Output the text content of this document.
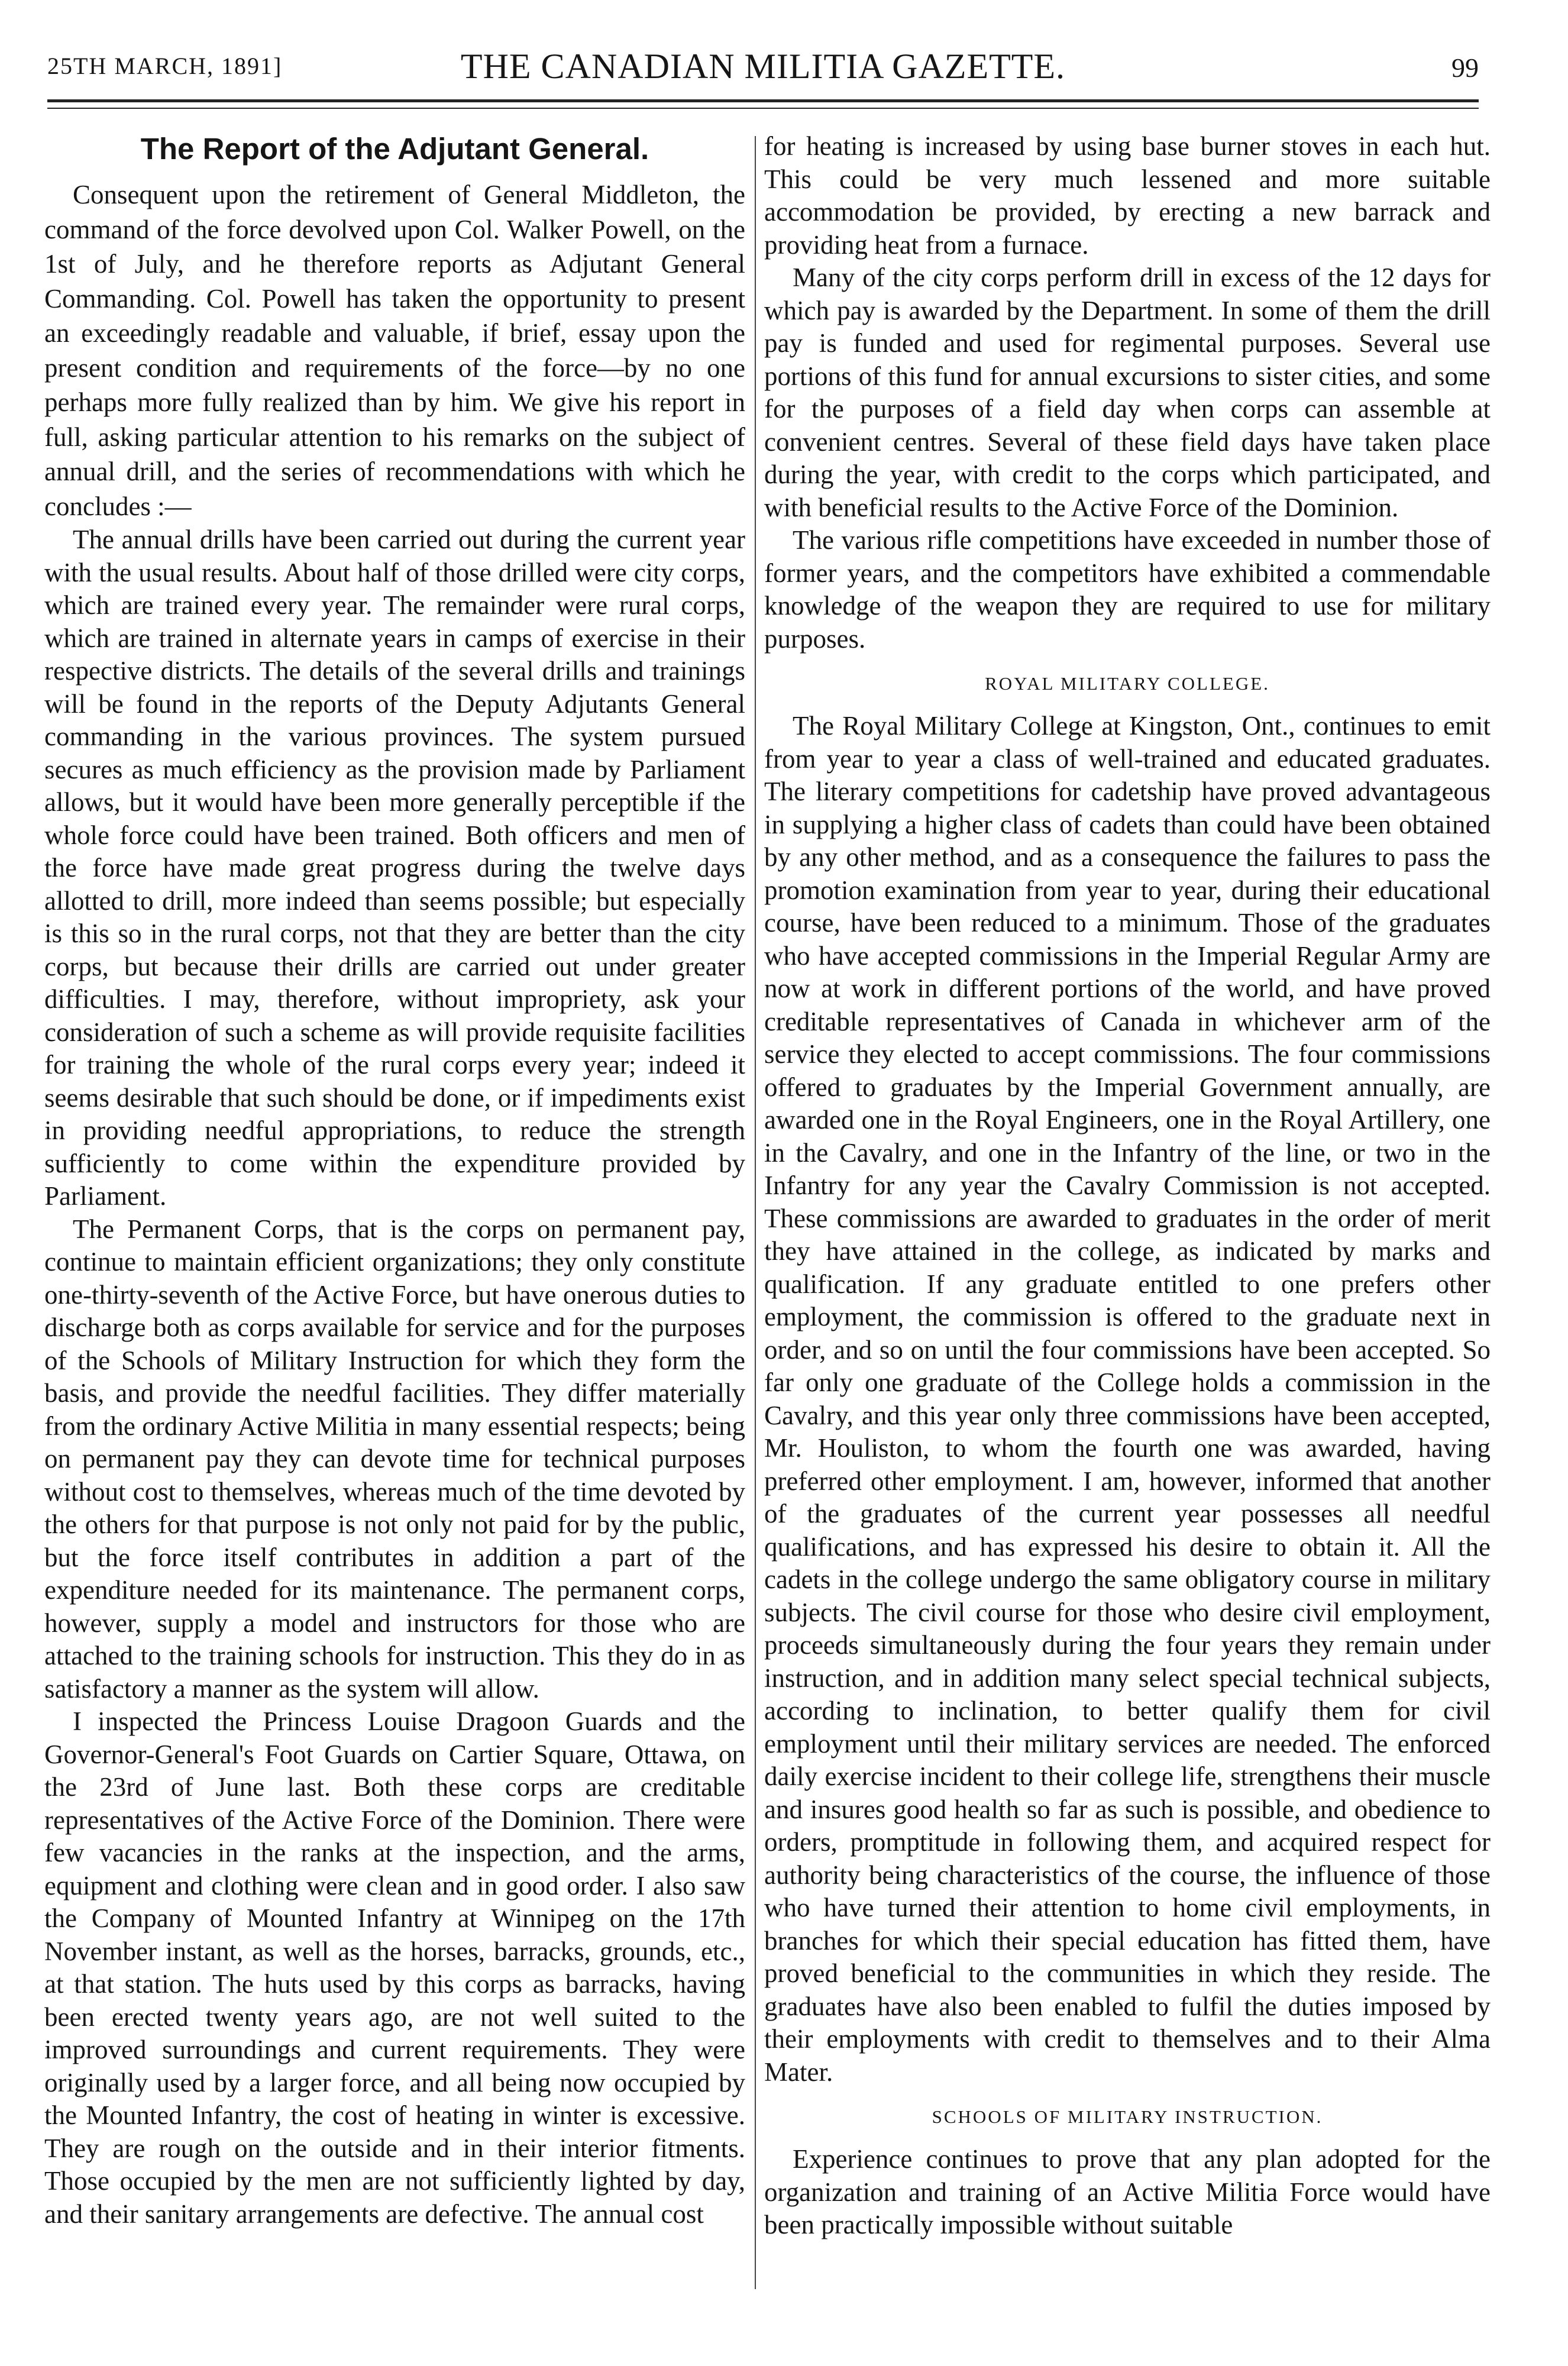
25TH MARCH, 1891]	THE CANADIAN MILITIA GAZETTE.	99
The Report of the Adjutant General.

Consequent upon the retirement of General Middleton, the command of the force devolved upon Col. Walker Powell, on the 1st of July, and he therefore reports as Adjutant General Commanding. Col. Powell has taken the opportunity to present an exceedingly readable and valuable, if brief, essay upon the present condition and requirements of the force—by no one perhaps more fully realized than by him. We give his report in full, asking particular attention to his remarks on the subject of annual drill, and the series of recommendations with which he concludes :—

The annual drills have been carried out during the current year with the usual results. About half of those drilled were city corps, which are trained every year. The remainder were rural corps, which are trained in alternate years in camps of exercise in their respective districts. The details of the several drills and trainings will be found in the reports of the Deputy Adjutants General commanding in the various provinces. The system pursued secures as much efficiency as the provision made by Parliament allows, but it would have been more generally perceptible if the whole force could have been trained. Both officers and men of the force have made great progress during the twelve days allotted to drill, more indeed than seems possible; but especially is this so in the rural corps, not that they are better than the city corps, but because their drills are carried out under greater difficulties. I may, therefore, without impropriety, ask your consideration of such a scheme as will provide requisite facilities for training the whole of the rural corps every year; indeed it seems desirable that such should be done, or if impediments exist in providing needful appropriations, to reduce the strength sufficiently to come within the expenditure provided by Parliament.

The Permanent Corps, that is the corps on permanent pay, continue to maintain efficient organizations; they only constitute one-thirty-seventh of the Active Force, but have onerous duties to discharge both as corps available for service and for the purposes of the Schools of Military Instruction for which they form the basis, and provide the needful facilities. They differ materially from the ordinary Active Militia in many essential respects; being on permanent pay they can devote time for technical purposes without cost to themselves, whereas much of the time devoted by the others for that purpose is not only not paid for by the public, but the force itself contributes in addition a part of the expenditure needed for its maintenance. The permanent corps, however, supply a model and instructors for those who are attached to the training schools for instruction. This they do in as satisfactory a manner as the system will allow.

I inspected the Princess Louise Dragoon Guards and the Governor-General's Foot Guards on Cartier Square, Ottawa, on the 23rd of June last. Both these corps are creditable representatives of the Active Force of the Dominion. There were few vacancies in the ranks at the inspection, and the arms, equipment and clothing were clean and in good order. I also saw the Company of Mounted Infantry at Winnipeg on the 17th November instant, as well as the horses, barracks, grounds, etc., at that station. The huts used by this corps as barracks, having been erected twenty years ago, are not well suited to the improved surroundings and current requirements. They were originally used by a larger force, and all being now occupied by the Mounted Infantry, the cost of heating in winter is excessive. They are rough on the outside and in their interior fitments. Those occupied by the men are not sufficiently lighted by day, and their sanitary arrangements are defective. The annual cost

for heating is increased by using base burner stoves in each hut. This could be very much lessened and more suitable accommodation be provided, by erecting a new barrack and providing heat from a furnace.

Many of the city corps perform drill in excess of the 12 days for which pay is awarded by the Department. In some of them the drill pay is funded and used for regimental purposes. Several use portions of this fund for annual excursions to sister cities, and some for the purposes of a field day when corps can assemble at convenient centres. Several of these field days have taken place during the year, with credit to the corps which participated, and with beneficial results to the Active Force of the Dominion.

The various rifle competitions have exceeded in number those of former years, and the competitors have exhibited a commendable knowledge of the weapon they are required to use for military purposes.

ROYAL MILITARY COLLEGE.

The Royal Military College at Kingston, Ont., continues to emit from year to year a class of well-trained and educated graduates. The literary competitions for cadetship have proved advantageous in supplying a higher class of cadets than could have been obtained by any other method, and as a consequence the failures to pass the promotion examination from year to year, during their educational course, have been reduced to a minimum. Those of the graduates who have accepted commissions in the Imperial Regular Army are now at work in different portions of the world, and have proved creditable representatives of Canada in whichever arm of the service they elected to accept commissions. The four commissions offered to graduates by the Imperial Government annually, are awarded one in the Royal Engineers, one in the Royal Artillery, one in the Cavalry, and one in the Infantry of the line, or two in the Infantry for any year the Cavalry Commission is not accepted. These commissions are awarded to graduates in the order of merit they have attained in the college, as indicated by marks and qualification. If any graduate entitled to one prefers other employment, the commission is offered to the graduate next in order, and so on until the four commissions have been accepted. So far only one graduate of the College holds a commission in the Cavalry, and this year only three commissions have been accepted, Mr. Houliston, to whom the fourth one was awarded, having preferred other employment. I am, however, informed that another of the graduates of the current year possesses all needful qualifications, and has expressed his desire to obtain it. All the cadets in the college undergo the same obligatory course in military subjects. The civil course for those who desire civil employment, proceeds simultaneously during the four years they remain under instruction, and in addition many select special technical subjects, according to inclination, to better qualify them for civil employment until their military services are needed. The enforced daily exercise incident to their college life, strengthens their muscle and insures good health so far as such is possible, and obedience to orders, promptitude in following them, and acquired respect for authority being characteristics of the course, the influence of those who have turned their attention to home civil employments, in branches for which their special education has fitted them, have proved beneficial to the communities in which they reside. The graduates have also been enabled to fulfil the duties imposed by their employments with credit to themselves and to their Alma Mater.

SCHOOLS OF MILITARY INSTRUCTION.

Experience continues to prove that any plan adopted for the organization and training of an Active Militia Force would have been practically impossible without suitable
